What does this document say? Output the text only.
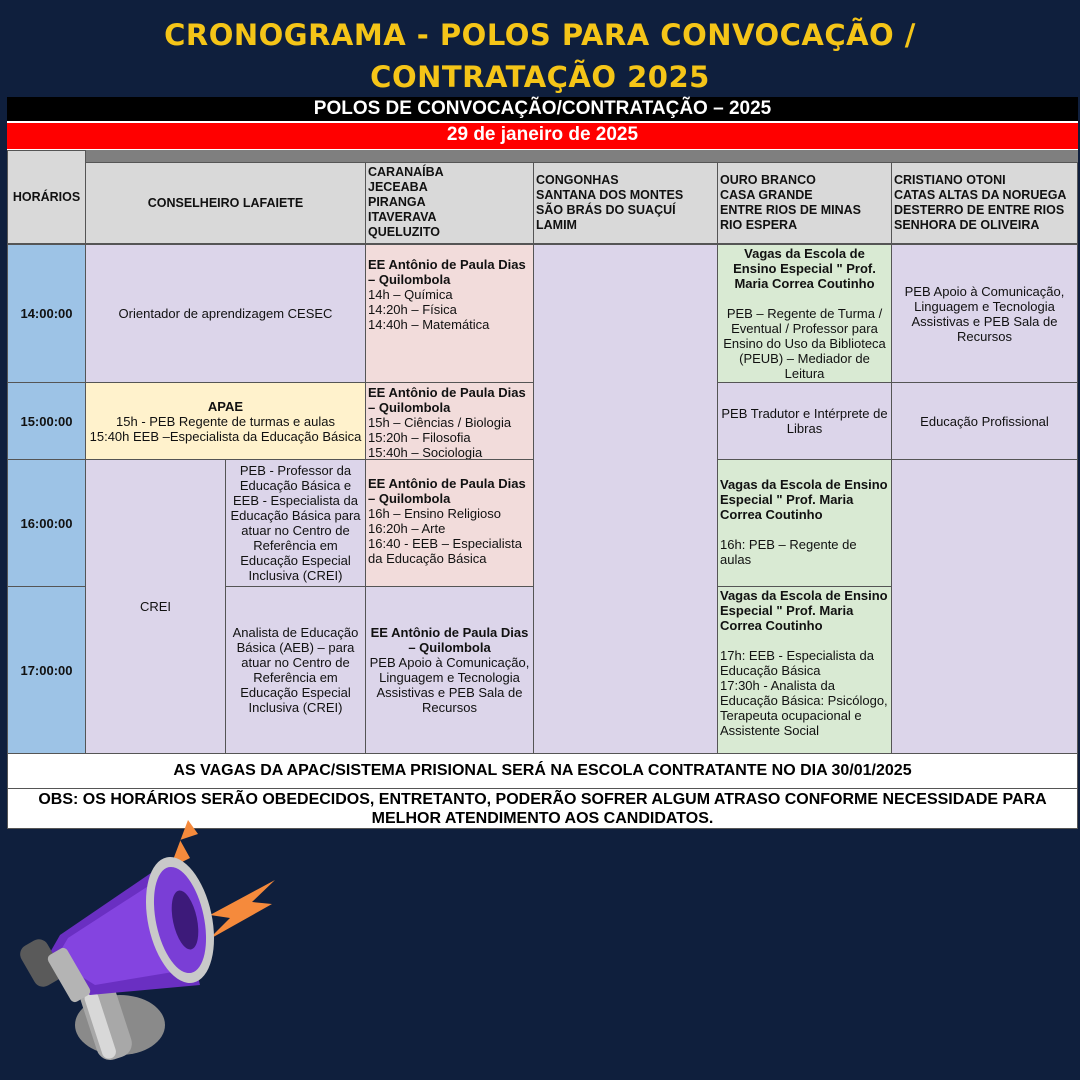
CRONOGRAMA - POLOS PARA CONVOCAÇÃO /
CONTRATAÇÃO 2025
POLOS DE CONVOCAÇÃO/CONTRATAÇÃO – 2025
29 de janeiro de 2025
HORÁRIOS	CONSELHEIRO LAFAIETE
CARANAÍBA
JECEABA
PIRANGA
ITAVERAVA
QUELUZITO
CONGONHAS
SANTANA DOS MONTES
SÃO BRÁS DO SUAÇUÍ
LAMIM
OURO BRANCO
CASA GRANDE
ENTRE RIOS DE MINAS
RIO ESPERA
CRISTIANO OTONI
CATAS ALTAS DA NORUEGA
DESTERRO DE ENTRE RIOS
SENHORA DE OLIVEIRA
14:00:00
15:00:00
16:00:00
17:00:00
Orientador de aprendizagem CESEC
APAE
15h - PEB Regente de turmas e aulas
15:40h EEB –Especialista da Educação Básica
CREI
PEB - Professor da Educação Básica e EEB - Especialista da Educação Básica para atuar no Centro de Referência em Educação Especial Inclusiva (CREI)
Analista de Educação Básica (AEB) – para atuar no Centro de Referência em Educação Especial Inclusiva (CREI)
EE Antônio de Paula Dias – Quilombola
14h – Química
14:20h – Física
14:40h – Matemática
EE Antônio de Paula Dias – Quilombola
15h – Ciências / Biologia
15:20h – Filosofia
15:40h – Sociologia
EE Antônio de Paula Dias – Quilombola
16h – Ensino Religioso
16:20h – Arte
16:40 - EEB – Especialista da Educação Básica
EE Antônio de Paula Dias – Quilombola
PEB Apoio à Comunicação, Linguagem e Tecnologia Assistivas e PEB Sala de Recursos
Vagas da Escola de Ensino Especial " Prof. Maria Correa Coutinho
PEB – Regente de Turma / Eventual / Professor para Ensino do Uso da Biblioteca (PEUB) – Mediador de Leitura
PEB Tradutor e Intérprete de Libras
Vagas da Escola de Ensino Especial " Prof. Maria Correa Coutinho
16h: PEB – Regente de aulas
Vagas da Escola de Ensino Especial " Prof. Maria Correa Coutinho
17h: EEB - Especialista da Educação Básica
17:30h - Analista da Educação Básica: Psicólogo, Terapeuta ocupacional e Assistente Social
PEB Apoio à Comunicação, Linguagem e Tecnologia Assistivas e PEB Sala de Recursos
Educação Profissional
AS VAGAS DA APAC/SISTEMA PRISIONAL SERÁ NA ESCOLA CONTRATANTE NO DIA 30/01/2025
OBS: OS HORÁRIOS SERÃO OBEDECIDOS, ENTRETANTO, PODERÃO SOFRER ALGUM ATRASO CONFORME NECESSIDADE PARA MELHOR ATENDIMENTO AOS CANDIDATOS.
